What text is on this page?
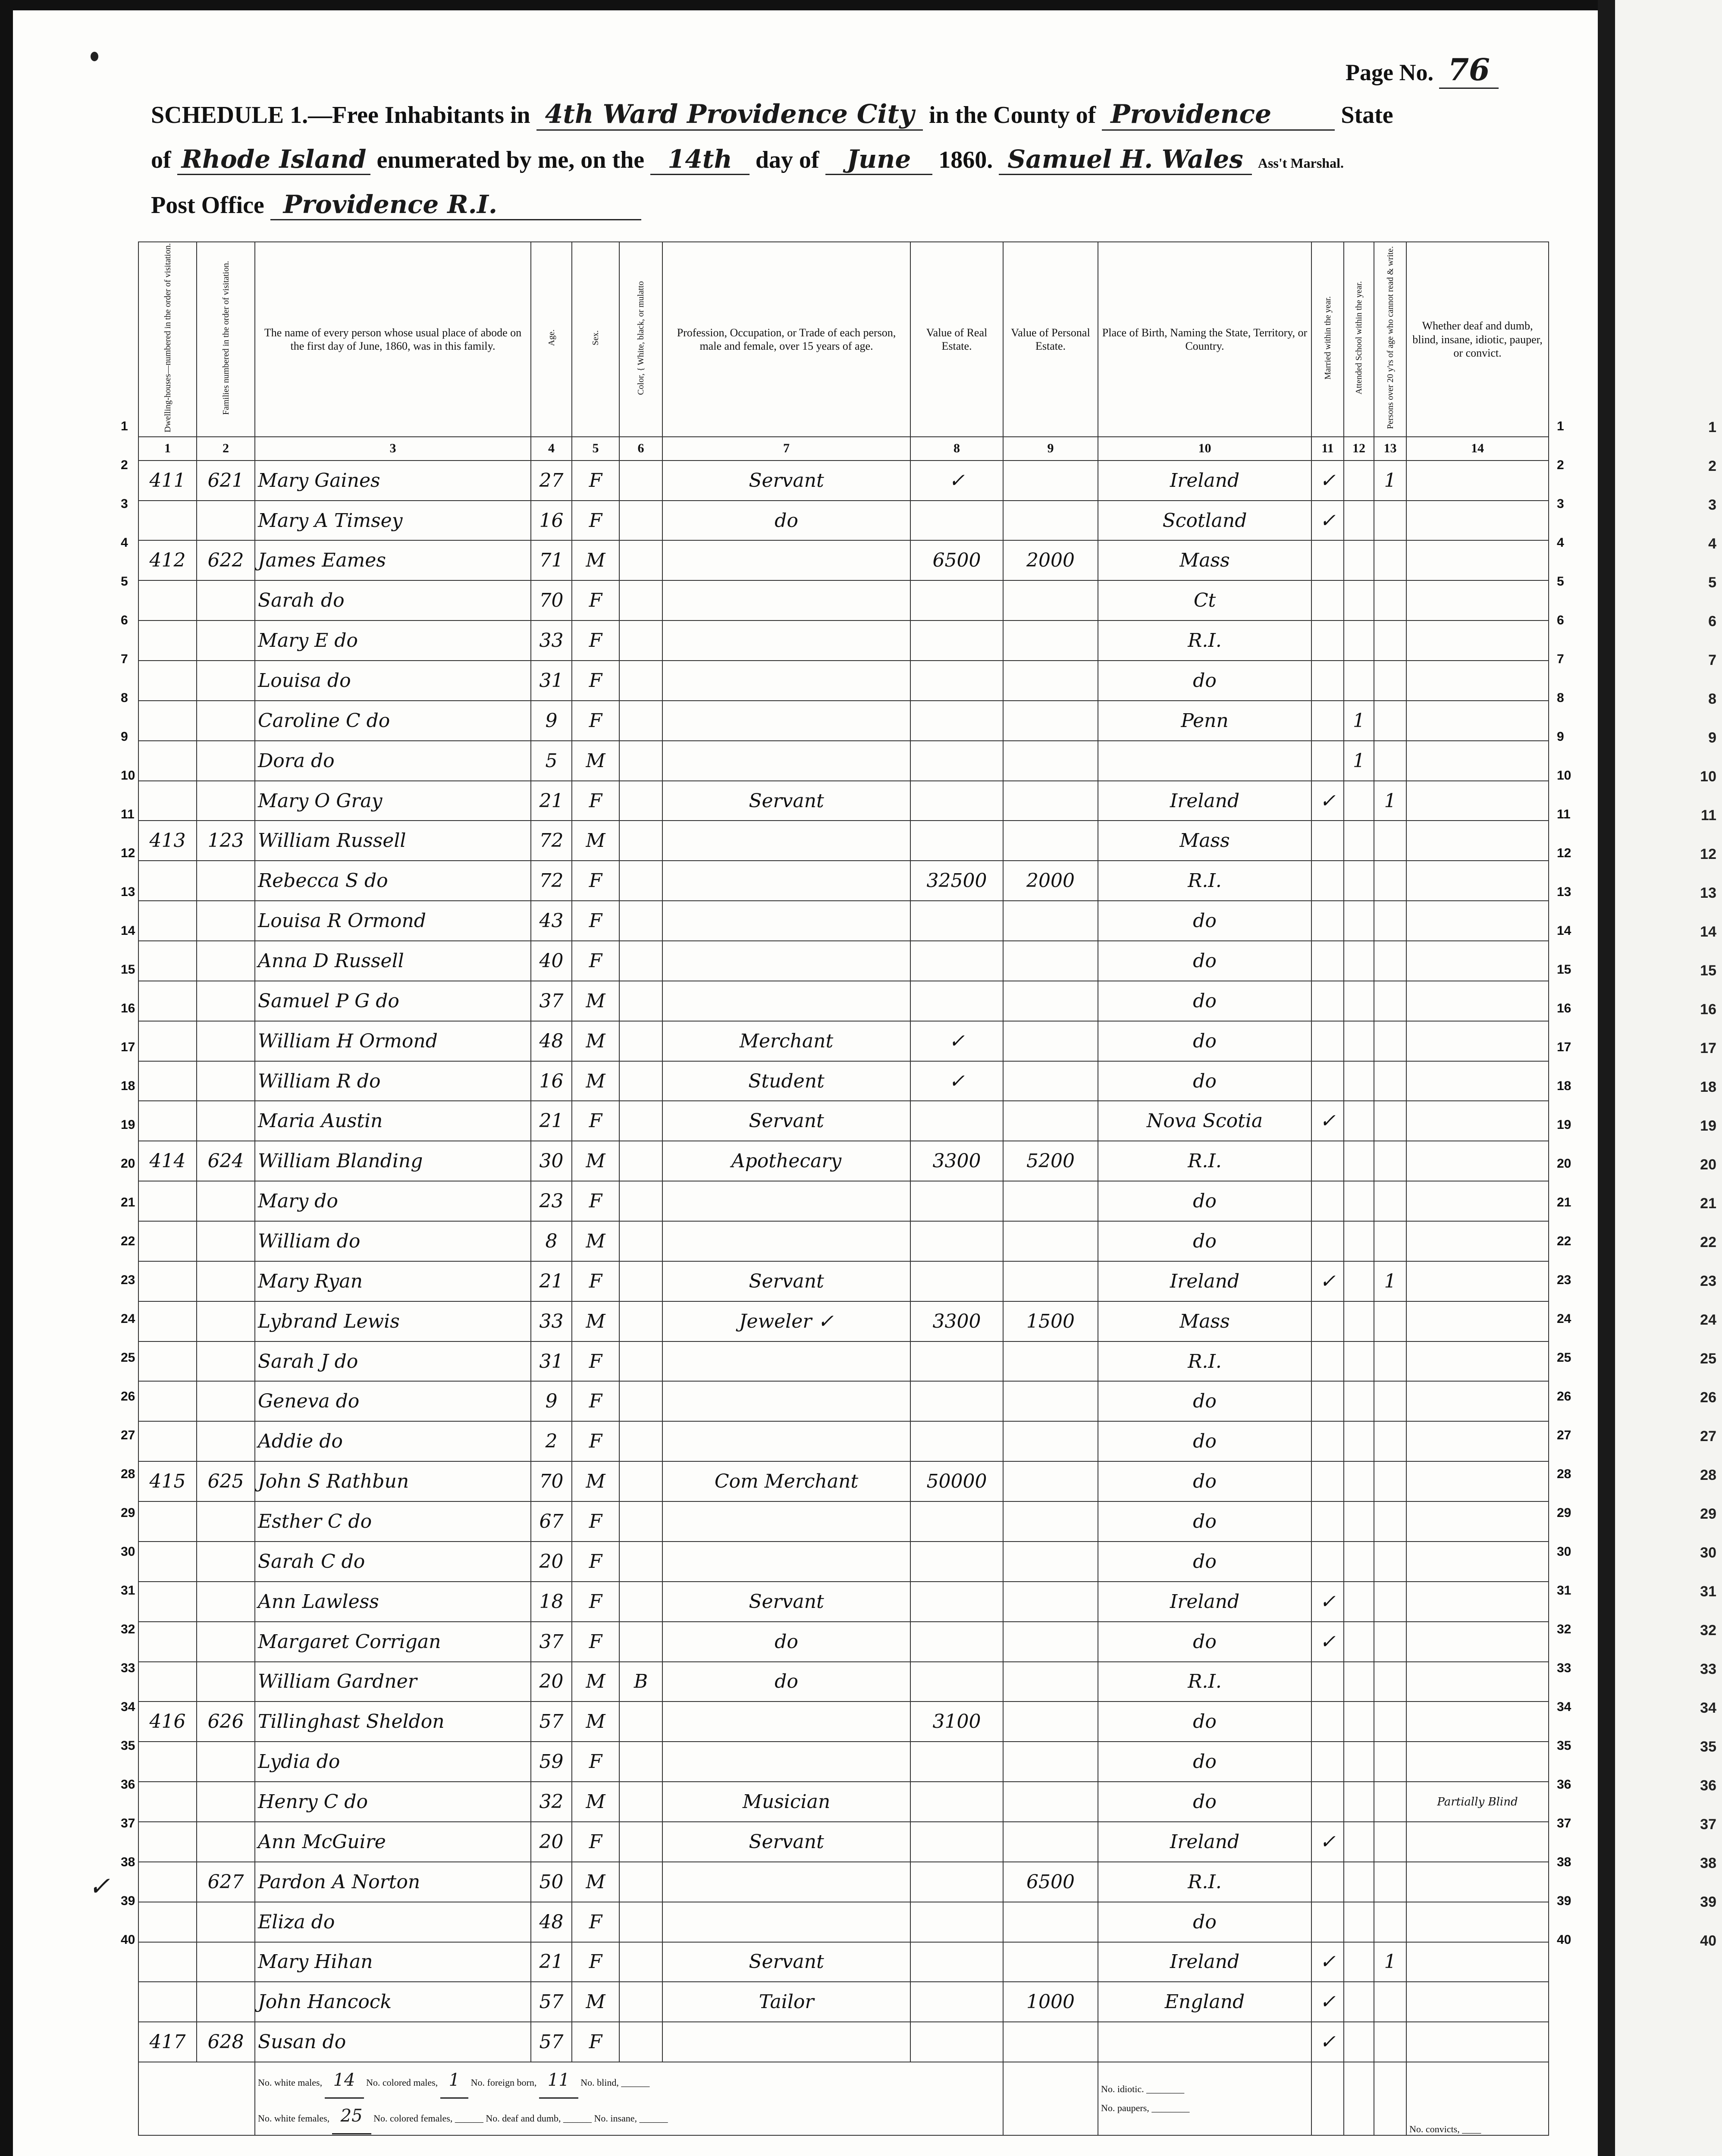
Page No. 76
SCHEDULE 1.—Free Inhabitants in 4th Ward Providence City in the County of Providence	State
of Rhode Island enumerated by me, on the 14th day of June 1860. Samuel H. Wales Ass't Marshal.
Post Office Providence R.I.
Dwelling-houses—numbered in the order of visitation.	Families numbered in the order of visitation.	The name of every person whose usual place of abode on the first day of June, 1860, was in this family.	Age.	Sex.	Color, { White, black, or mulatto	Profession, Occupation, or Trade of each person, male and female, over 15 years of age.	Value of Real Estate.	Value of Personal Estate.	Place of Birth, Naming the State, Territory, or Country.	Married within the year.	Attended School within the year.	Persons over 20 y'rs of age who cannot read & write.	Whether deaf and dumb, blind, insane, idiotic, pauper, or convict.
1	2	3	4	5	6	7	8	9	10	11	12	13	14
411	621	Mary Gaines	27	F		Servant	✓		Ireland	✓		1	
		Mary A Timsey	16	F		do			Scotland	✓			
412	622	James Eames	71	M			6500	2000	Mass				
		Sarah do	70	F					Ct				
		Mary E do	33	F					R.I.				
		Louisa do	31	F					do				
		Caroline C do	9	F					Penn		1		
		Dora do	5	M							1		
		Mary O Gray	21	F		Servant			Ireland	✓		1	
413	123	William Russell	72	M					Mass				
		Rebecca S do	72	F			32500	2000	R.I.				
		Louisa R Ormond	43	F					do				
		Anna D Russell	40	F					do				
		Samuel P G do	37	M					do				
		William H Ormond	48	M		Merchant	✓		do				
		William R do	16	M		Student	✓		do				
		Maria Austin	21	F		Servant			Nova Scotia	✓			
414	624	William Blanding	30	M		Apothecary	3300	5200	R.I.				
		Mary do	23	F					do				
		William do	8	M					do				
		Mary Ryan	21	F		Servant			Ireland	✓		1	
		Lybrand Lewis	33	M		Jeweler ✓	3300	1500	Mass				
		Sarah J do	31	F					R.I.				
		Geneva do	9	F					do				
		Addie do	2	F					do				
415	625	John S Rathbun	70	M		Com Merchant	50000		do				
		Esther C do	67	F					do				
		Sarah C do	20	F					do				
		Ann Lawless	18	F		Servant			Ireland	✓			
		Margaret Corrigan	37	F		do			do	✓			
		William Gardner	20	M	B	do			R.I.				
416	626	Tillinghast Sheldon	57	M			3100		do				
		Lydia do	59	F					do				
		Henry C do	32	M		Musician			do				Partially Blind
		Ann McGuire	20	F		Servant			Ireland	✓			
	627	Pardon A Norton	50	M				6500	R.I.				
		Eliza do	48	F					do				
		Mary Hihan	21	F		Servant			Ireland	✓		1	
		John Hancock	57	M		Tailor		1000	England	✓			
417	628	Susan do	57	F						✓			
		No. white males, 14 No. colored males, 1 No. foreign born, 11 No. blind, ______
No. white females, 25 No. colored females, ______ No. deaf and dumb, ______ No. insane, ______							No. idiotic. ________
No. paupers, ________				No. convicts, ____
✓
1
2
3
4
5
6
7
8
9
10
11
12
13
14
15
16
17
18
19
20
21
22
23
24
25
26
27
28
29
30
31
32
33
34
35
36
37
38
39
40
1	1
2	2
3	3
4	4
5	5
6	6
7	7
8	8
9	9
10	10
11	11
12	12
13	13
14	14
15	15
16	16
17	17
18	18
19	19
20	20
21	21
22	22
23	23
24	24
25	25
26	26
27	27
28	28
29	29
30	30
31	31
32	32
33	33
34	34
35	35
36	36
37	37
38	38
39	39
40	40
